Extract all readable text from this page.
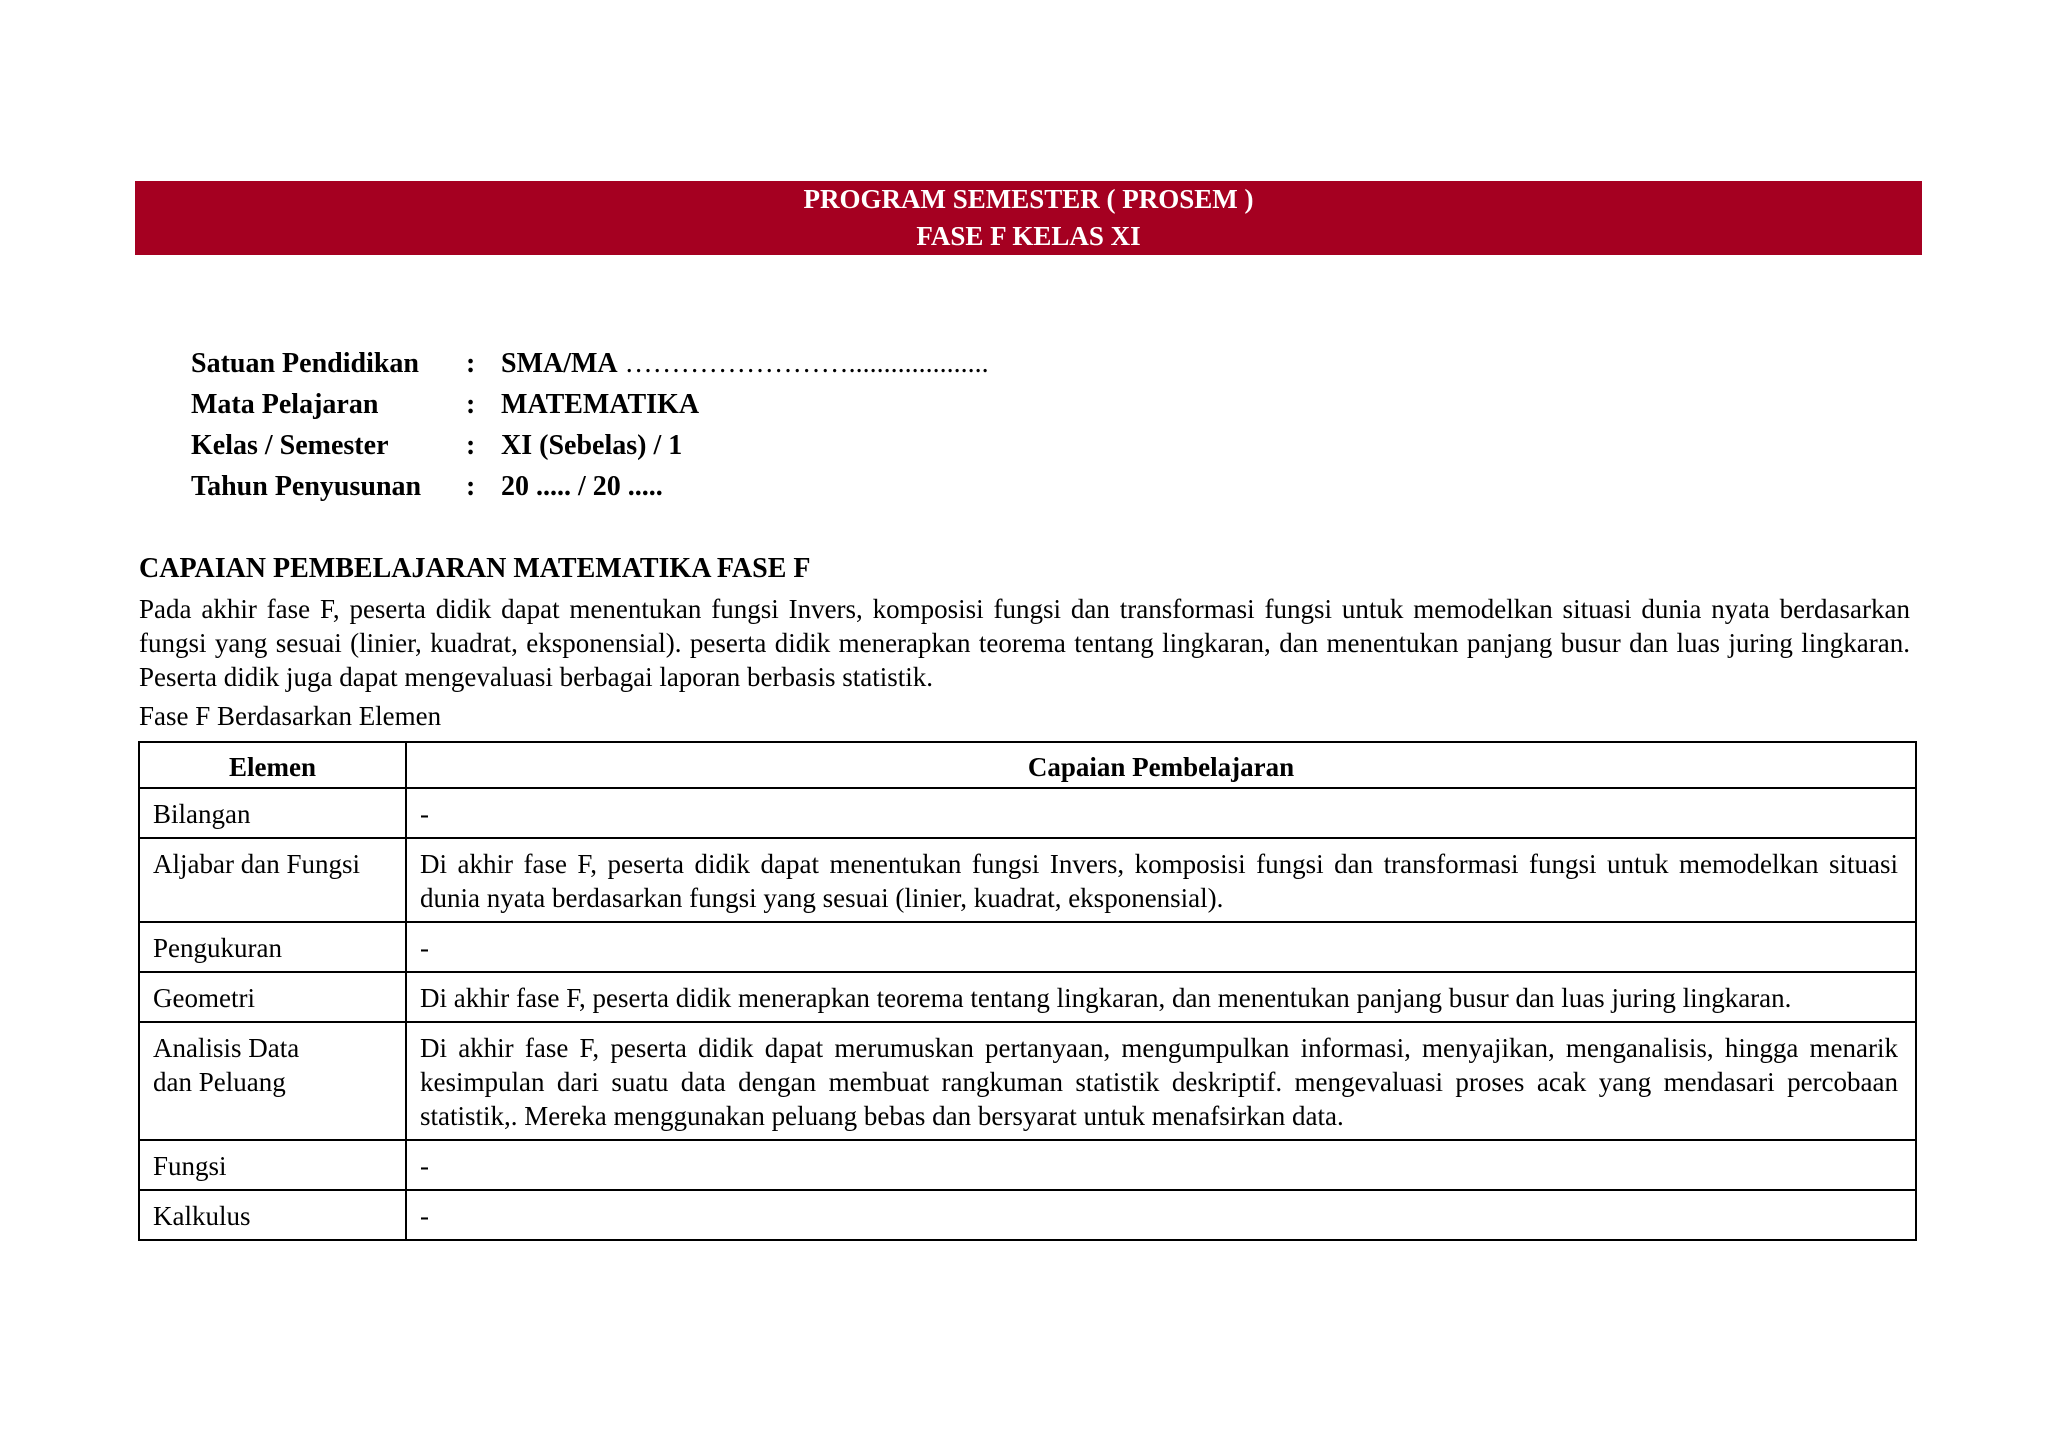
PROGRAM SEMESTER ( PROSEM )
FASE F KELAS XI
Satuan Pendidikan	: SMA/MA ……………………....................
Mata Pelajaran	: MATEMATIKA
Kelas / Semester	: XI (Sebelas) / 1
Tahun Penyusunan	: 20 ..... / 20 .....
CAPAIAN PEMBELAJARAN MATEMATIKA FASE F
Pada akhir fase F, peserta didik dapat menentukan fungsi Invers, komposisi fungsi dan transformasi fungsi untuk memodelkan situasi dunia nyata berdasarkan fungsi yang sesuai (linier, kuadrat, eksponensial). peserta didik menerapkan teorema tentang lingkaran, dan menentukan panjang busur dan luas juring lingkaran. Peserta didik juga dapat mengevaluasi berbagai laporan berbasis statistik.
Fase F Berdasarkan Elemen
Elemen	Capaian Pembelajaran

Bilangan	-

Aljabar dan Fungsi	Di akhir fase F, peserta didik dapat menentukan fungsi Invers, komposisi fungsi dan transformasi fungsi untuk memodelkan situasi dunia nyata berdasarkan fungsi yang sesuai (linier, kuadrat, eksponensial).

Pengukuran	-

Geometri	Di akhir fase F, peserta didik menerapkan teorema tentang lingkaran, dan menentukan panjang busur dan luas juring lingkaran.

Analisis Data
dan Peluang	Di akhir fase F, peserta didik dapat merumuskan pertanyaan, mengumpulkan informasi, menyajikan, menganalisis, hingga menarik kesimpulan dari suatu data dengan membuat rangkuman statistik deskriptif. mengevaluasi proses acak yang mendasari percobaan statistik,. Mereka menggunakan peluang bebas dan bersyarat untuk menafsirkan data.

Fungsi	-

Kalkulus	-
